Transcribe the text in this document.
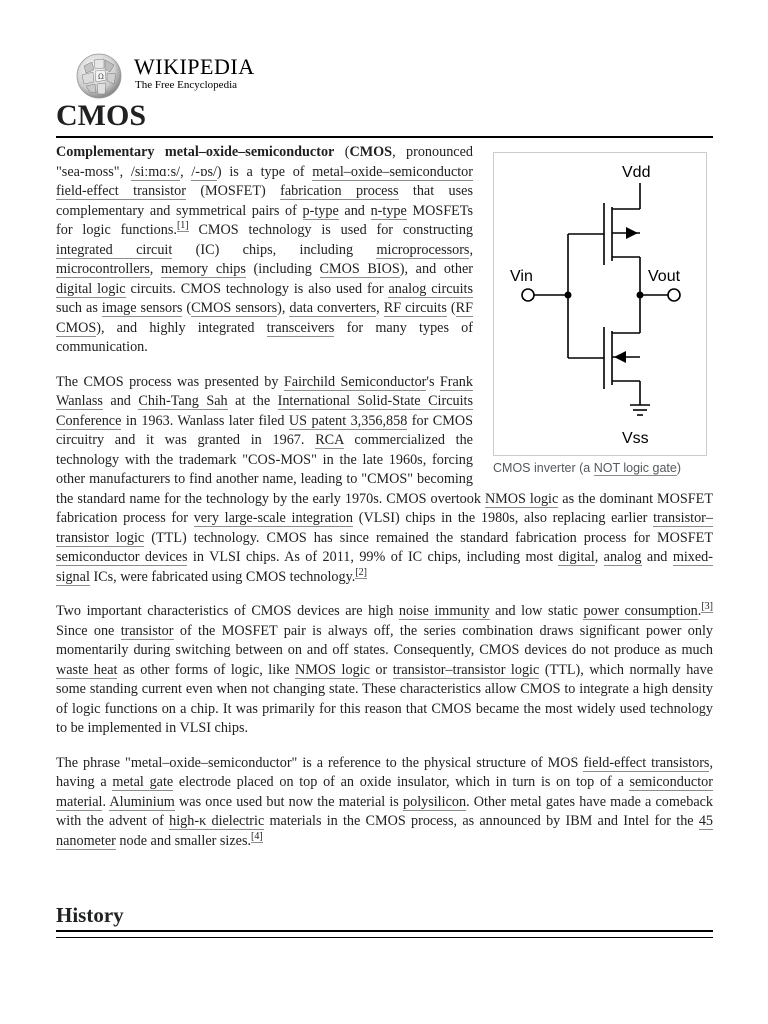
Ω WIKIPEDIA
The Free Encyclopedia
CMOS
Vdd
Vin	Vout
Vss
CMOS inverter (a NOT logic gate)

Complementary metal–oxide–semiconductor (CMOS, pronounced "sea-moss", /siːmɑːs/, /-ɒs/) is a type of metal–oxide–semiconductor field-effect transistor (MOSFET) fabrication process that uses complementary and symmetrical pairs of p-type and n-type MOSFETs for logic functions.[1] CMOS technology is used for constructing integrated circuit (IC) chips, including microprocessors, microcontrollers, memory chips (including CMOS BIOS), and other digital logic circuits. CMOS technology is also used for analog circuits such as image sensors (CMOS sensors), data converters, RF circuits (RF CMOS), and highly integrated transceivers for many types of communication.

The CMOS process was presented by Fairchild Semiconductor's Frank Wanlass and Chih-Tang Sah at the International Solid-State Circuits Conference in 1963. Wanlass later filed US patent 3,356,858 for CMOS circuitry and it was granted in 1967. RCA commercialized the technology with the trademark "COS-MOS" in the late 1960s, forcing other manufacturers to find another name, leading to "CMOS" becoming the standard name for the technology by the early 1970s. CMOS overtook NMOS logic as the dominant MOSFET fabrication process for very large-scale integration (VLSI) chips in the 1980s, also replacing earlier transistor–transistor logic (TTL) technology. CMOS has since remained the standard fabrication process for MOSFET semiconductor devices in VLSI chips. As of 2011, 99% of IC chips, including most digital, analog and mixed-signal ICs, were fabricated using CMOS technology.[2]

Two important characteristics of CMOS devices are high noise immunity and low static power consumption.[3] Since one transistor of the MOSFET pair is always off, the series combination draws significant power only momentarily during switching between on and off states. Consequently, CMOS devices do not produce as much waste heat as other forms of logic, like NMOS logic or transistor–transistor logic (TTL), which normally have some standing current even when not changing state. These characteristics allow CMOS to integrate a high density of logic functions on a chip. It was primarily for this reason that CMOS became the most widely used technology to be implemented in VLSI chips.

The phrase "metal–oxide–semiconductor" is a reference to the physical structure of MOS field-effect transistors, having a metal gate electrode placed on top of an oxide insulator, which in turn is on top of a semiconductor material. Aluminium was once used but now the material is polysilicon. Other metal gates have made a comeback with the advent of high-κ dielectric materials in the CMOS process, as announced by IBM and Intel for the 45 nanometer node and smaller sizes.[4]

History
